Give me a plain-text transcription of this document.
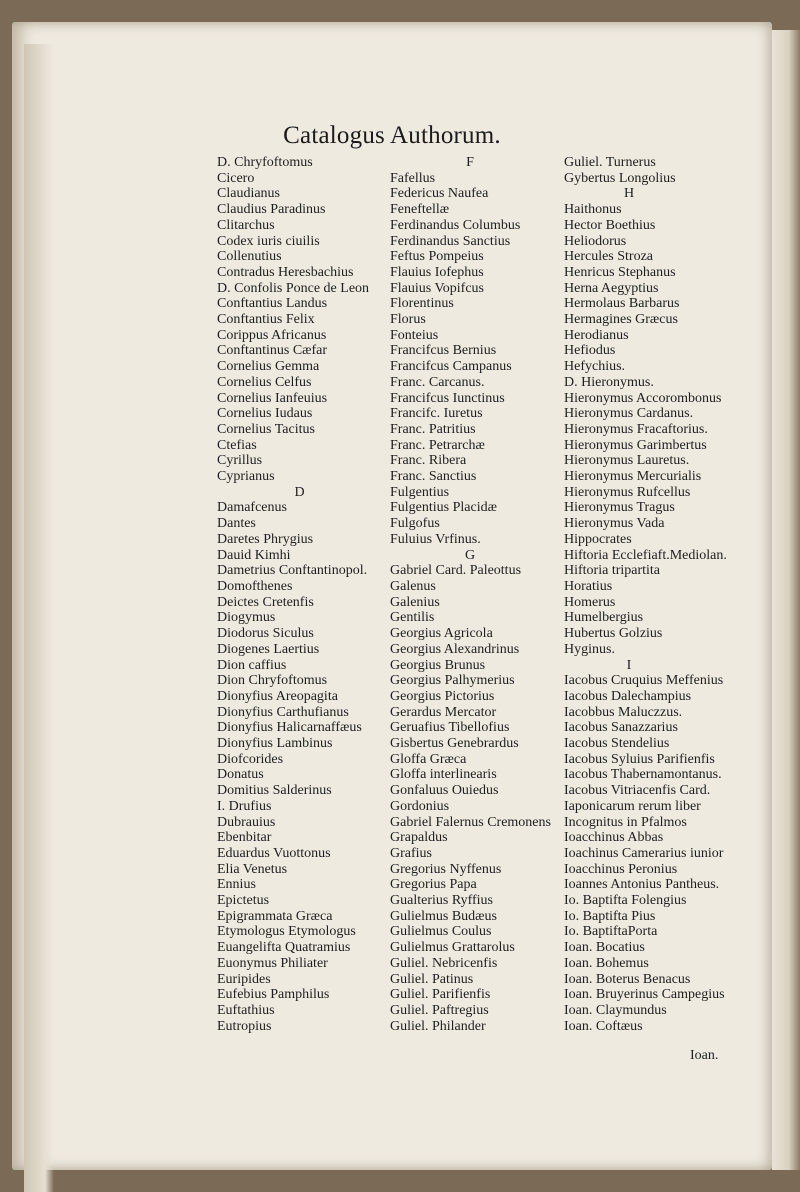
Catalogus Authorum.
D. Chryfoftomus
Cicero
Claudianus
Claudius Paradinus
Clitarchus
Codex iuris ciuilis
Collenutius
Contradus Heresbachius
D. Confolis Ponce de Leon
Conftantius Landus
Conftantius Felix
Corippus Africanus
Conftantinus Cæfar
Cornelius Gemma
Cornelius Celfus
Cornelius Ianfeuius
Cornelius Iudaus
Cornelius Tacitus
Ctefias
Cyrillus
Cyprianus
D
Damafcenus
Dantes
Daretes Phrygius
Dauid Kimhi
Dametrius Conftantinopol.
Domofthenes
Deictes Cretenfis
Diogymus
Diodorus Siculus
Diogenes Laertius
Dion caffius
Dion Chryfoftomus
Dionyfius Areopagita
Dionyfius Carthufianus
Dionyfius Halicarnaffæus
Dionyfius Lambinus
Diofcorides
Donatus
Domitius Salderinus
I. Drufius
Dubrauius
Ebenbitar
Eduardus Vuottonus
Elia Venetus
Ennius
Epictetus
Epigrammata Græca
Etymologus Etymologus
Euangelifta Quatramius
Euonymus Philiater
Euripides
Eufebius Pamphilus
Euftathius
Eutropius
F
Fafellus
Federicus Naufea
Feneftellæ
Ferdinandus Columbus
Ferdinandus Sanctius
Feftus Pompeius
Flauius Iofephus
Flauius Vopifcus
Florentinus
Florus
Fonteius
Francifcus Bernius
Francifcus Campanus
Franc. Carcanus.
Francifcus Iunctinus
Francifc. Iuretus
Franc. Patritius
Franc. Petrarchæ
Franc. Ribera
Franc. Sanctius
Fulgentius
Fulgentius Placidæ
Fulgofus
Fuluius Vrfinus.
G
Gabriel Card. Paleottus
Galenus
Galenius
Gentilis
Georgius Agricola
Georgius Alexandrinus
Georgius Brunus
Georgius Palhymerius
Georgius Pictorius
Gerardus Mercator
Geruafius Tibellofius
Gisbertus Genebrardus
Gloffa Græca
Gloffa interlinearis
Gonfaluus Ouiedus
Gordonius
Gabriel Falernus Cremonens
Grapaldus
Grafius
Gregorius Nyffenus
Gregorius Papa
Gualterius Ryffius
Gulielmus Budæus
Gulielmus Coulus
Gulielmus Grattarolus
Guliel. Nebricenfis
Guliel. Patinus
Guliel. Parifienfis
Guliel. Paftregius
Guliel. Philander
Guliel. Turnerus
Gybertus Longolius
H
Haithonus
Hector Boethius
Heliodorus
Hercules Stroza
Henricus Stephanus
Herna Aegyptius
Hermolaus Barbarus
Hermagines Græcus
Herodianus
Hefiodus
Hefychius.
D. Hieronymus.
Hieronymus Accorombonus
Hieronymus Cardanus.
Hieronymus Fracaftorius.
Hieronymus Garimbertus
Hieronymus Lauretus.
Hieronymus Mercurialis
Hieronymus Rufcellus
Hieronymus Tragus
Hieronymus Vada
Hippocrates
Hiftoria Ecclefiaft.Mediolan.
Hiftoria tripartita
Horatius
Homerus
Humelbergius
Hubertus Golzius
Hyginus.
I
Iacobus Cruquius Meffenius
Iacobus Dalechampius
Iacobbus Maluczzus.
Iacobus Sanazzarius
Iacobus Stendelius
Iacobus Syluius Parifienfis
Iacobus Thabernamontanus.
Iacobus Vitriacenfis Card.
Iaponicarum rerum liber
Incognitus in Pfalmos
Ioacchinus Abbas
Ioachinus Camerarius iunior
Ioacchinus Peronius
Ioannes Antonius Pantheus.
Io. Baptifta Folengius
Io. Baptifta Pius
Io. BaptiftaPorta
Ioan. Bocatius
Ioan. Bohemus
Ioan. Boterus Benacus
Ioan. Bruyerinus Campegius
Ioan. Claymundus
Ioan. Coftæus
Ioan.
